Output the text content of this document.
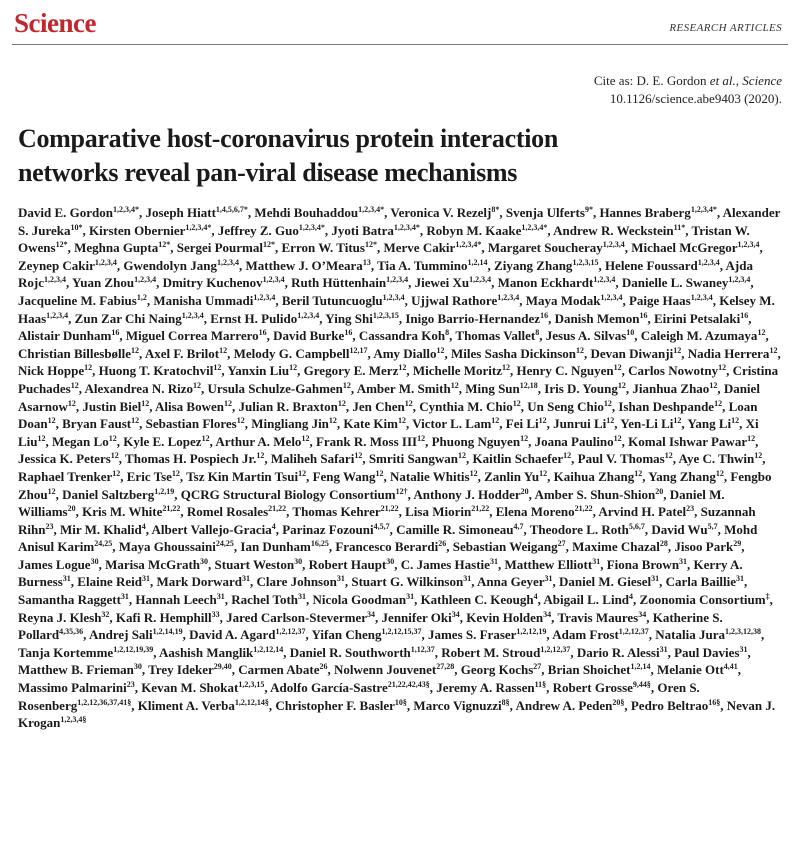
Science	RESEARCH ARTICLES
Cite as: D. E. Gordon et al., Science
10.1126/science.abe9403 (2020).
Comparative host-coronavirus protein interaction
networks reveal pan-viral disease mechanisms
David E. Gordon$^{1,2,3,4*}$, Joseph Hiatt$^{1,4,5,6,7*}$, Mehdi Bouhaddou$^{1,2,3,4*}$, Veronica V. Rezelj$^{8*}$, Svenja Ulferts$^{9*}$, Hannes Braberg$^{1,2,3,4*}$, Alexander S. Jureka$^{10*}$, Kirsten Obernier$^{1,2,3,4*}$, Jeffrey Z. Guo$^{1,2,3,4*}$, Jyoti Batra$^{1,2,3,4*}$, Robyn M. Kaake$^{1,2,3,4*}$, Andrew R. Weckstein$^{11*}$, Tristan W. Owens$^{12*}$, Meghna Gupta$^{12*}$, Sergei Pourmal$^{12*}$, Erron W. Titus$^{12*}$, Merve Cakir$^{1,2,3,4*}$, Margaret Soucheray$^{1,2,3,4}$, Michael McGregor$^{1,2,3,4}$, Zeynep Cakir$^{1,2,3,4}$, Gwendolyn Jang$^{1,2,3,4}$, Matthew J. O’Meara$^{13}$, Tia A. Tummino$^{1,2,14}$, Ziyang Zhang$^{1,2,3,15}$, Helene Foussard$^{1,2,3,4}$, Ajda Rojc$^{1,2,3,4}$, Yuan Zhou$^{1,2,3,4}$, Dmitry Kuchenov$^{1,2,3,4}$, Ruth Hüttenhain$^{1,2,3,4}$, Jiewei Xu$^{1,2,3,4}$, Manon Eckhardt$^{1,2,3,4}$, Danielle L. Swaney$^{1,2,3,4}$, Jacqueline M. Fabius$^{1,2}$, Manisha Ummadi$^{1,2,3,4}$, Beril Tutuncuoglu$^{1,2,3,4}$, Ujjwal Rathore$^{1,2,3,4}$, Maya Modak$^{1,2,3,4}$, Paige Haas$^{1,2,3,4}$, Kelsey M. Haas$^{1,2,3,4}$, Zun Zar Chi Naing$^{1,2,3,4}$, Ernst H. Pulido$^{1,2,3,4}$, Ying Shi$^{1,2,3,15}$, Inigo Barrio-Hernandez$^{16}$, Danish Memon$^{16}$, Eirini Petsalaki$^{16}$, Alistair Dunham$^{16}$, Miguel Correa Marrero$^{16}$, David Burke$^{16}$, Cassandra Koh$^8$, Thomas Vallet$^8$, Jesus A. Silvas$^{10}$, Caleigh M. Azumaya$^{12}$, Christian Billesbølle$^{12}$, Axel F. Brilot$^{12}$, Melody G. Campbell$^{12,17}$, Amy Diallo$^{12}$, Miles Sasha Dickinson$^{12}$, Devan Diwanji$^{12}$, Nadia Herrera$^{12}$, Nick Hoppe$^{12}$, Huong T. Kratochvil$^{12}$, Yanxin Liu$^{12}$, Gregory E. Merz$^{12}$, Michelle Moritz$^{12}$, Henry C. Nguyen$^{12}$, Carlos Nowotny$^{12}$, Cristina Puchades$^{12}$, Alexandrea N. Rizo$^{12}$, Ursula Schulze-Gahmen$^{12}$, Amber M. Smith$^{12}$, Ming Sun$^{12,18}$, Iris D. Young$^{12}$, Jianhua Zhao$^{12}$, Daniel Asarnow$^{12}$, Justin Biel$^{12}$, Alisa Bowen$^{12}$, Julian R. Braxton$^{12}$, Jen Chen$^{12}$, Cynthia M. Chio$^{12}$, Un Seng Chio$^{12}$, Ishan Deshpande$^{12}$, Loan Doan$^{12}$, Bryan Faust$^{12}$, Sebastian Flores$^{12}$, Mingliang Jin$^{12}$, Kate Kim$^{12}$, Victor L. Lam$^{12}$, Fei Li$^{12}$, Junrui Li$^{12}$, Yen-Li Li$^{12}$, Yang Li$^{12}$, Xi Liu$^{12}$, Megan Lo$^{12}$, Kyle E. Lopez$^{12}$, Arthur A. Melo$^{12}$, Frank R. Moss III$^{12}$, Phuong Nguyen$^{12}$, Joana Paulino$^{12}$, Komal Ishwar Pawar$^{12}$, Jessica K. Peters$^{12}$, Thomas H. Pospiech Jr.$^{12}$, Maliheh Safari$^{12}$, Smriti Sangwan$^{12}$, Kaitlin Schaefer$^{12}$, Paul V. Thomas$^{12}$, Aye C. Thwin$^{12}$, Raphael Trenker$^{12}$, Eric Tse$^{12}$, Tsz Kin Martin Tsui$^{12}$, Feng Wang$^{12}$, Natalie Whitis$^{12}$, Zanlin Yu$^{12}$, Kaihua Zhang$^{12}$, Yang Zhang$^{12}$, Fengbo Zhou$^{12}$, Daniel Saltzberg$^{1,2,19}$, QCRG Structural Biology Consortium$^{12\dagger}$, Anthony J. Hodder$^{20}$, Amber S. Shun-Shion$^{20}$, Daniel M. Williams$^{20}$, Kris M. White$^{21,22}$, Romel Rosales$^{21,22}$, Thomas Kehrer$^{21,22}$, Lisa Miorin$^{21,22}$, Elena Moreno$^{21,22}$, Arvind H. Patel$^{23}$, Suzannah Rihn$^{23}$, Mir M. Khalid$^4$, Albert Vallejo-Gracia$^4$, Parinaz Fozouni$^{4,5,7}$, Camille R. Simoneau$^{4,7}$, Theodore L. Roth$^{5,6,7}$, David Wu$^{5,7}$, Mohd Anisul Karim$^{24,25}$, Maya Ghoussaini$^{24,25}$, Ian Dunham$^{16,25}$, Francesco Berardi$^{26}$, Sebastian Weigang$^{27}$, Maxime Chazal$^{28}$, Jisoo Park$^{29}$, James Logue$^{30}$, Marisa McGrath$^{30}$, Stuart Weston$^{30}$, Robert Haupt$^{30}$, C. James Hastie$^{31}$, Matthew Elliott$^{31}$, Fiona Brown$^{31}$, Kerry A. Burness$^{31}$, Elaine Reid$^{31}$, Mark Dorward$^{31}$, Clare Johnson$^{31}$, Stuart G. Wilkinson$^{31}$, Anna Geyer$^{31}$, Daniel M. Giesel$^{31}$, Carla Baillie$^{31}$, Samantha Raggett$^{31}$, Hannah Leech$^{31}$, Rachel Toth$^{31}$, Nicola Goodman$^{31}$, Kathleen C. Keough$^4$, Abigail L. Lind$^4$, Zoonomia Consortium‡, Reyna J. Klesh$^{32}$, Kafi R. Hemphill$^{33}$, Jared Carlson-Stevermer$^{34}$, Jennifer Oki$^{34}$, Kevin Holden$^{34}$, Travis Maures$^{34}$, Katherine S. Pollard$^{4,35,36}$, Andrej Sali$^{1,2,14,19}$, David A. Agard$^{1,2,12,37}$, Yifan Cheng$^{1,2,12,15,37}$, James S. Fraser$^{1,2,12,19}$, Adam Frost$^{1,2,12,37}$, Natalia Jura$^{1,2,3,12,38}$, Tanja Kortemme$^{1,2,12,19,39}$, Aashish Manglik$^{1,2,12,14}$, Daniel R. Southworth$^{1,12,37}$, Robert M. Stroud$^{1,2,12,37}$, Dario R. Alessi$^{31}$, Paul Davies$^{31}$, Matthew B. Frieman$^{30}$, Trey Ideker$^{29,40}$, Carmen Abate$^{26}$, Nolwenn Jouvenet$^{27,28}$, Georg Kochs$^{27}$, Brian Shoichet$^{1,2,14}$, Melanie Ott$^{4,41}$, Massimo Palmarini$^{23}$, Kevan M. Shokat$^{1,2,3,15}$, Adolfo García-Sastre$^{21,22,42,43\S}$, Jeremy A. Rassen$^{11\S}$, Robert Grosse$^{9,44\S}$, Oren S. Rosenberg$^{1,2,12,36,37,41\S}$, Kliment A. Verba$^{1,2,12,14\S}$, Christopher F. Basler$^{10\S}$, Marco Vignuzzi$^{8\S}$, Andrew A. Peden$^{20\S}$, Pedro Beltrao$^{16\S}$, Nevan J. Krogan$^{1,2,3,4\S}$
